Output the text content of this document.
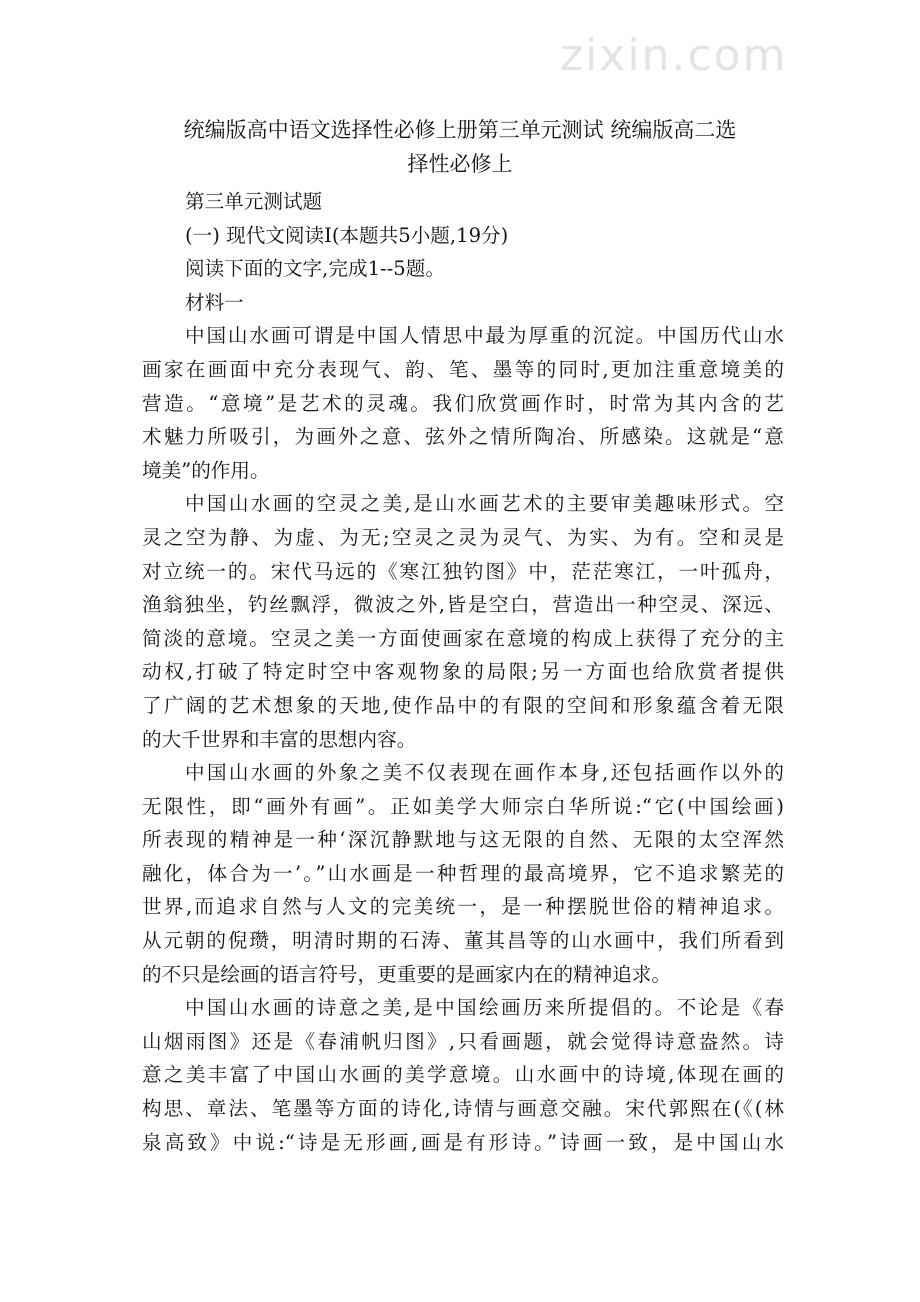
zixin.com
统编版高中语文选择性必修上册第三单元测试 统编版高二选
择性必修上
第三单元测试题
(一) 现代文阅读Ⅰ(本题共5小题,19分)
阅读下面的文字,完成1--5题。
材料一
中国山水画可谓是中国人情思中最为厚重的沉淀。中国历代山水
画家在画面中充分表现气、韵、笔、墨等的同时,更加注重意境美的
营造。“意境”是艺术的灵魂。我们欣赏画作时，时常为其内含的艺
术魅力所吸引，为画外之意、弦外之情所陶冶、所感染。这就是“意
境美”的作用。
中国山水画的空灵之美,是山水画艺术的主要审美趣味形式。空
灵之空为静、为虚、为无;空灵之灵为灵气、为实、为有。空和灵是
对立统一的。宋代马远的《寒江独钓图》中，茫茫寒江，一叶孤舟，
渔翁独坐，钓丝飘浮，微波之外,皆是空白，营造出一种空灵、深远、
简淡的意境。空灵之美一方面使画家在意境的构成上获得了充分的主
动权,打破了特定时空中客观物象的局限;另一方面也给欣赏者提供
了广阔的艺术想象的天地,使作品中的有限的空间和形象蕴含着无限
的大千世界和丰富的思想内容。
中国山水画的外象之美不仅表现在画作本身,还包括画作以外的
无限性，即“画外有画”。正如美学大师宗白华所说:“它(中国绘画)
所表现的精神是一种‘深沉静默地与这无限的自然、无限的太空浑然
融化，体合为一’。”山水画是一种哲理的最高境界，它不追求繁芜的
世界,而追求自然与人文的完美统一，是一种摆脱世俗的精神追求。
从元朝的倪瓒，明清时期的石涛、董其昌等的山水画中，我们所看到
的不只是绘画的语言符号，更重要的是画家内在的精神追求。
中国山水画的诗意之美,是中国绘画历来所提倡的。不论是《春
山烟雨图》还是《春浦帆归图》,只看画题，就会觉得诗意盎然。诗
意之美丰富了中国山水画的美学意境。山水画中的诗境,体现在画的
构思、章法、笔墨等方面的诗化,诗情与画意交融。宋代郭熙在(《(林
泉高致》中说:“诗是无形画,画是有形诗。”诗画一致，是中国山水
